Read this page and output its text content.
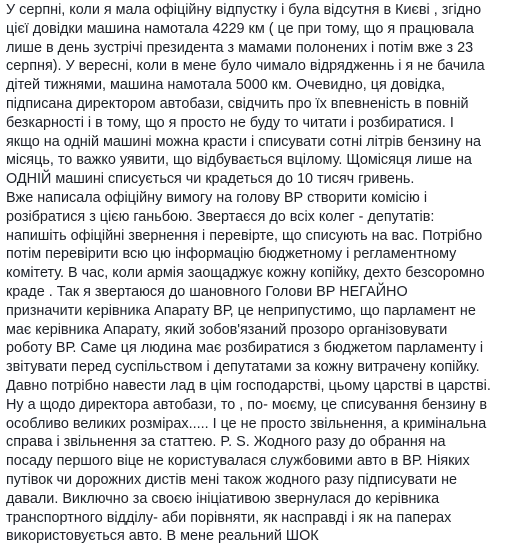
У серпні, коли я мала офіційну відпустку і була відсутня в Києві , згідно
цієї довідки машина намотала 4229 км ( це при тому, що я працювала
лише в день зустрічі президента з мамами полонених і потім вже з 23
серпня). У вересні, коли в мене було чимало відрядженнь і я не бачила
дітей тижнями, машина намотала 5000 км. Очевидно, ця довідка,
підписана директором автобази, свідчить про їх впевненість в повній
безкарності і в тому, що я просто не буду то читати і розбиратися. І
якщо на одній машині можна красти і списувати сотні літрів бензину на
місяць, то важко уявити, що відбувається вцілому. Щомісяця лише на
ОДНІЙ машині списується чи крадеться до 10 тисяч гривень.
Вже написала офіційну вимогу на голову ВР створити комісію і
розібратися з цією ганьбою. Звертаєся до всіх колег - депутатів:
напишіть офіційні звернення і перевірте, що списують на вас. Потрібно
потім перевірити всю цю інформацію бюджетному і регламентному
комітету. В час, коли армія заощаджує кожну копійку, дехто безсоромно
краде . Так я звертаюся до шановного Голови ВР НЕГАЙНО
призначити керівника Апарату ВР, це неприпустимо, що парламент не
має керівника Апарату, який зобов'язаний прозоро організовувати
роботу ВР. Саме ця людина має розбиратися з бюджетом парламенту і
звітувати перед суспільством і депутатами за кожну витрачену копійку.
Давно потрібно навести лад в цім господарстві, цьому царстві в царстві.
Ну а щодо директора автобази, то , по- моєму, це списування бензину в
особливо великих розмірах..... І це не просто звільнення, а кримінальна
справа і звільнення за статтею. P. S. Жодного разу до обрання на
посаду першого віце не користувалася службовими авто в ВР. Ніяких
путівок чи дорожних дистів мені також жодного разу підписувати не
давали. Виключно за своєю ініціативою звернулася до керівника
транспортного відділу- аби порівняти, як насправді і як на паперах
використовується авто. В мене реальний ШОК
